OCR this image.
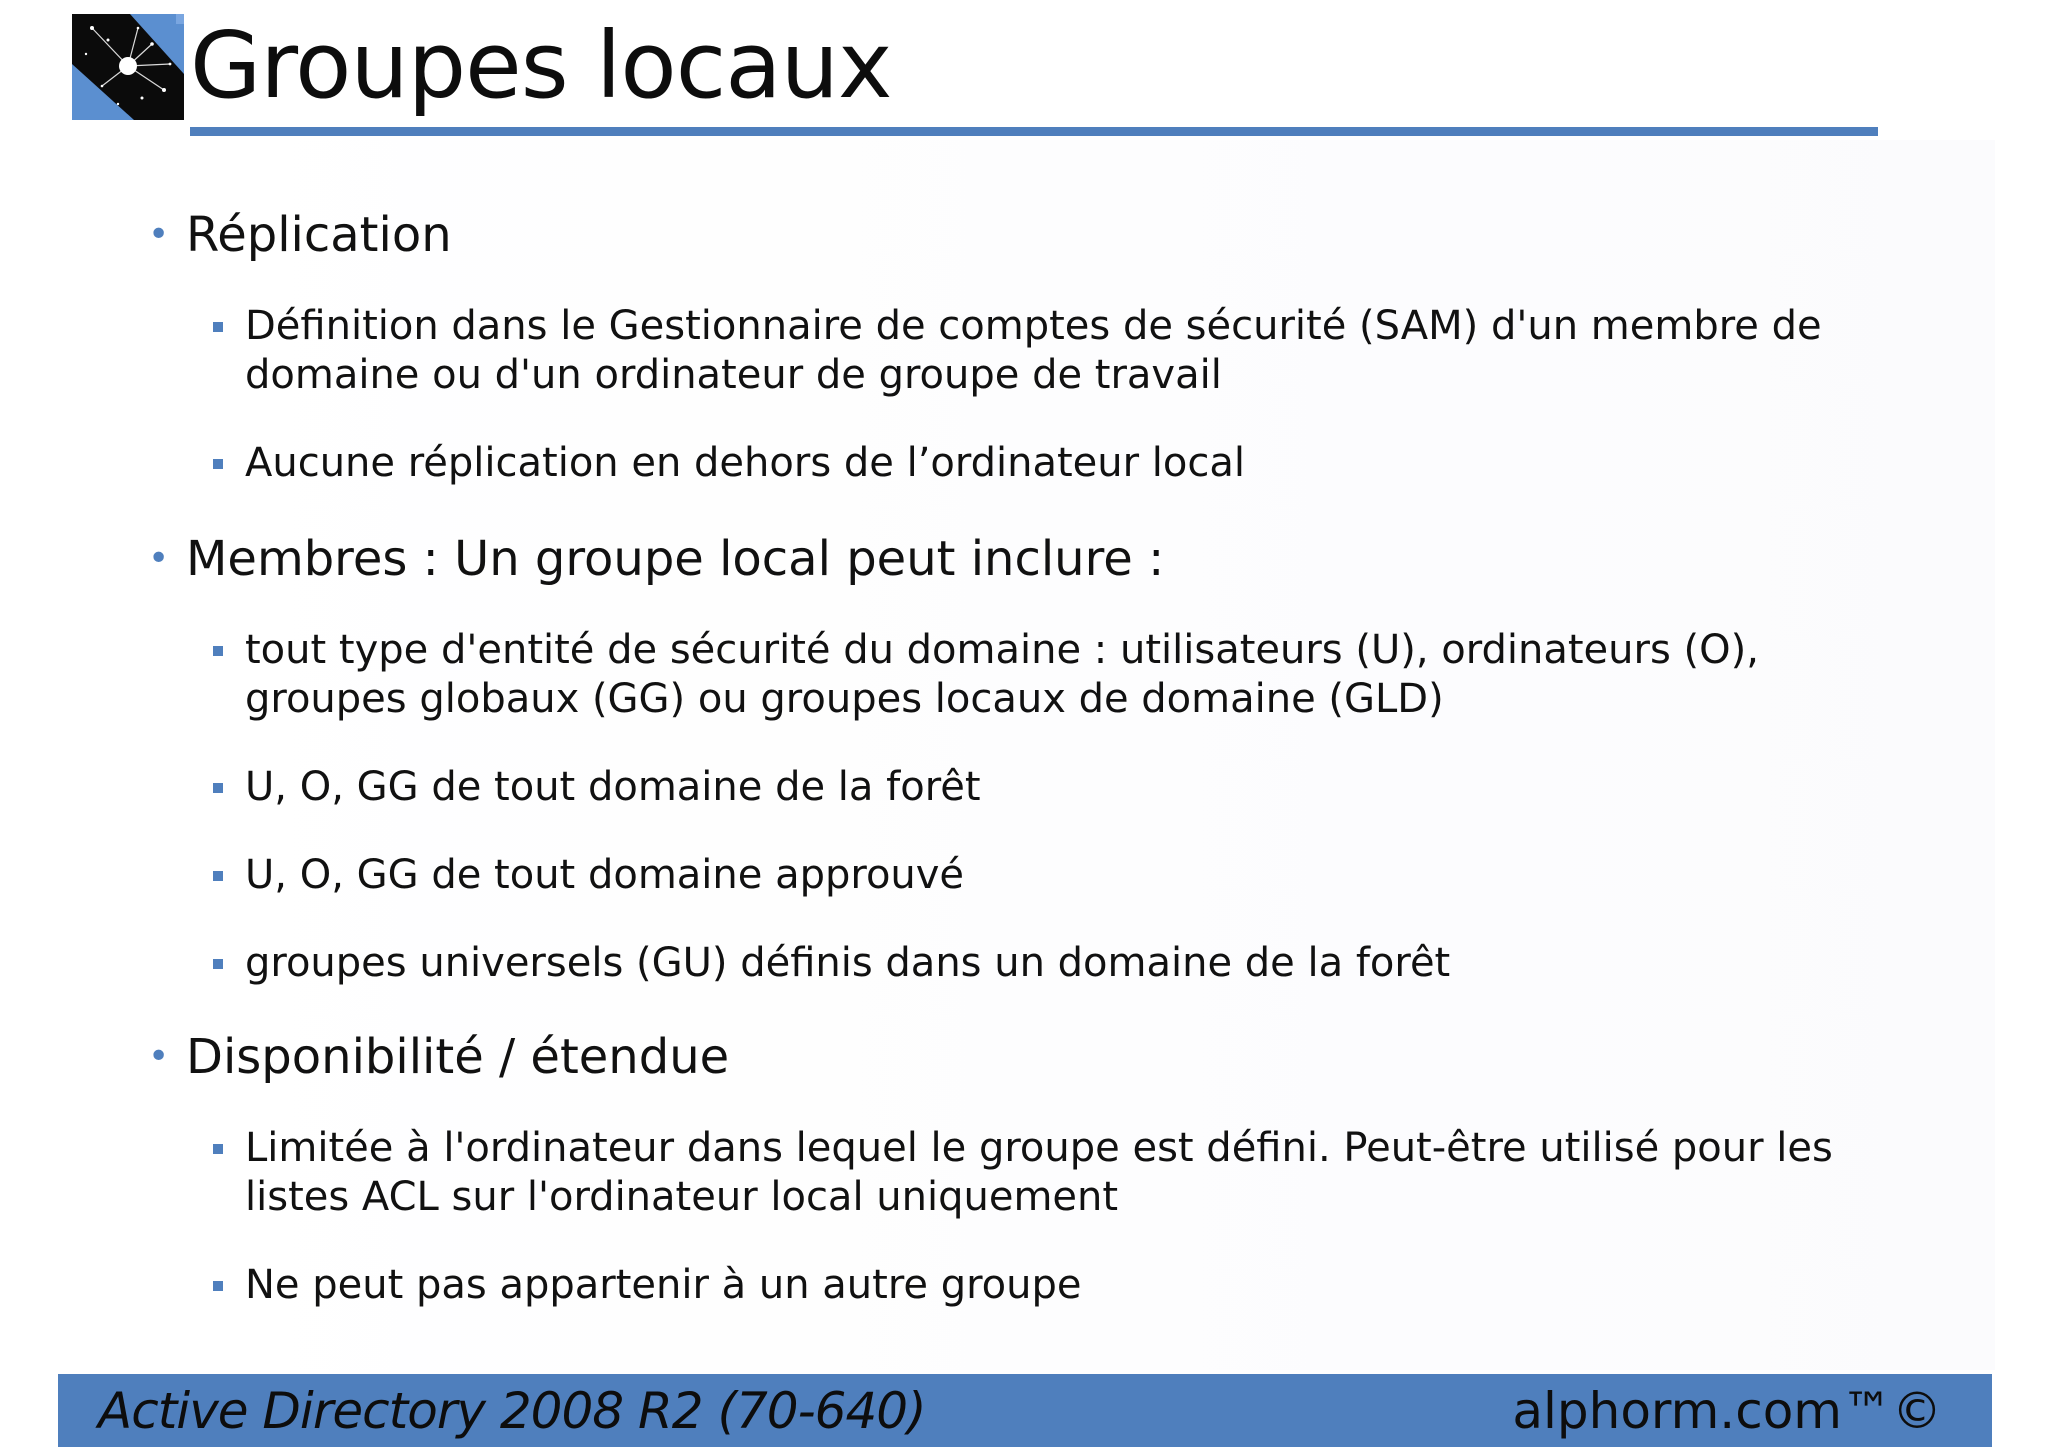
Groupes locaux
• Réplication
Définition dans le Gestionnaire de comptes de sécurité (SAM) d'un membre de
domaine ou d'un ordinateur de groupe de travail
Aucune réplication en dehors de l’ordinateur local
• Membres : Un groupe local peut inclure :
tout type d'entité de sécurité du domaine : utilisateurs (U), ordinateurs (O),
groupes globaux (GG) ou groupes locaux de domaine (GLD)
U, O, GG de tout domaine de la forêt
U, O, GG de tout domaine approuvé
groupes universels (GU) définis dans un domaine de la forêt
• Disponibilité / étendue
Limitée à l'ordinateur dans lequel le groupe est défini. Peut-être utilisé pour les
listes ACL sur l'ordinateur local uniquement
Ne peut pas appartenir à un autre groupe
Active Directory 2008 R2 (70-640)	alphorm.com™©
